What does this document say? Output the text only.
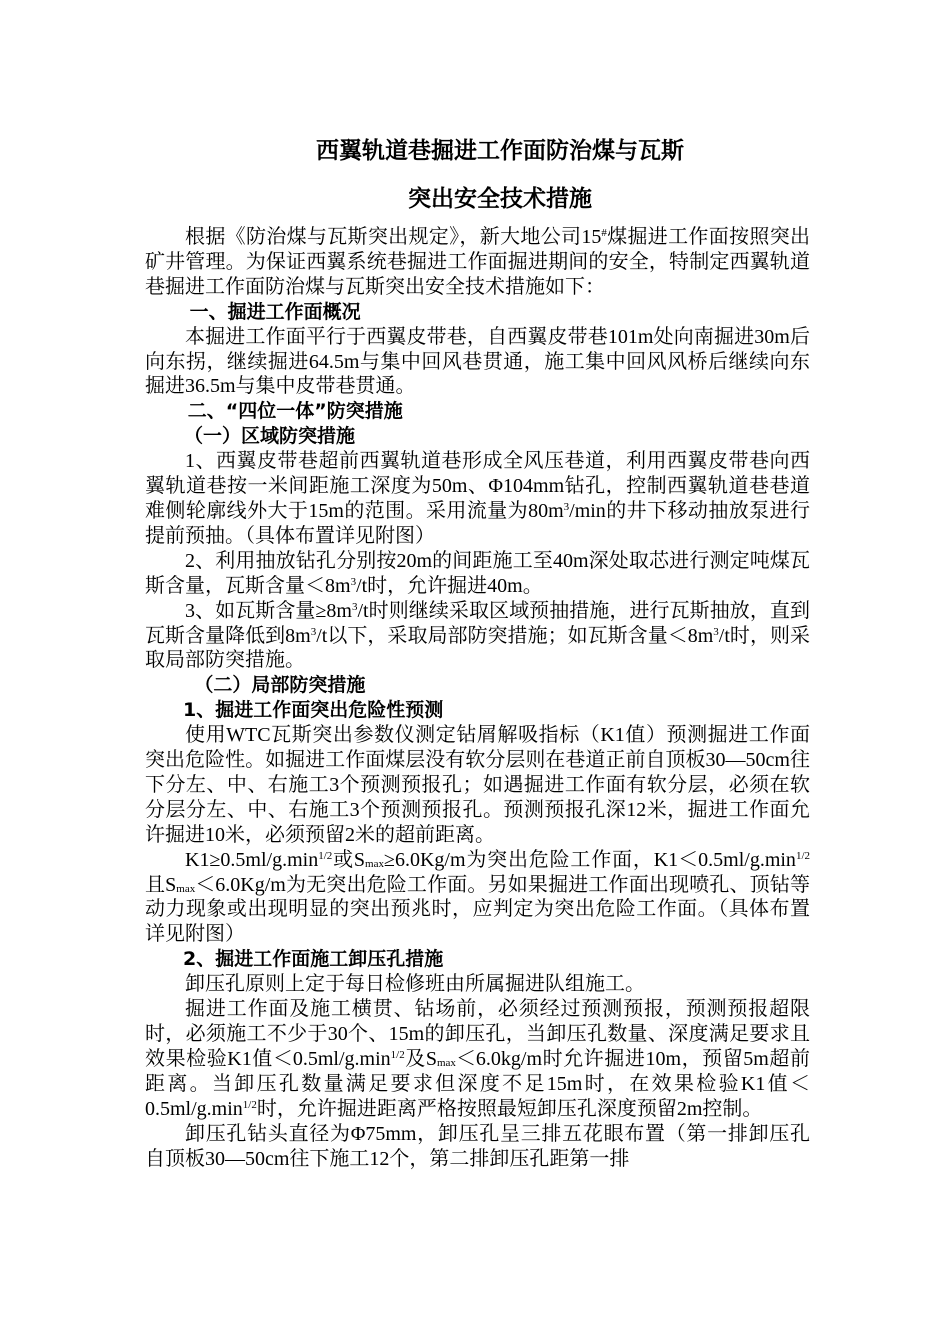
西翼轨道巷掘进工作面防治煤与瓦斯
突出安全技术措施

根据《防治煤与瓦斯突出规定》，新大地公司15#煤掘进工作面按照突出矿井管理。为保证西翼系统巷掘进工作面掘进期间的安全，特制定西翼轨道巷掘进工作面防治煤与瓦斯突出安全技术措施如下：

一、掘进工作面概况

本掘进工作面平行于西翼皮带巷，自西翼皮带巷101m处向南掘进30m后向东拐，继续掘进64.5m与集中回风巷贯通，施工集中回风风桥后继续向东掘进36.5m与集中皮带巷贯通。

二、“四位一体”防突措施
（一）区域防突措施

1、西翼皮带巷超前西翼轨道巷形成全风压巷道，利用西翼皮带巷向西翼轨道巷按一米间距施工深度为50m、Φ104mm钻孔，控制西翼轨道巷巷道难侧轮廓线外大于15m的范围。采用流量为$80m^3/\min$的井下移动抽放泵进行提前预抽。（具体布置详见附图）

2、利用抽放钻孔分别按20m的间距施工至40m深处取芯进行测定吨煤瓦斯含量，瓦斯含量$<8m^3/t$时，允许掘进40m。

3、如瓦斯含量$\ge 8m^3/t$时则继续采取区域预抽措施，进行瓦斯抽放，直到瓦斯含量降低到$8m^3/t$以下，采取局部防突措施；如瓦斯含量$<8m^3/t$时，则采取局部防突措施。

（二）局部防突措施
1、掘进工作面突出危险性预测

使用WTC瓦斯突出参数仪测定钻屑解吸指标（K1值）预测掘进工作面突出危险性。如掘进工作面煤层没有软分层则在巷道正前自顶板30—50cm往下分左、中、右施工3个预测预报孔；如遇掘进工作面有软分层，必须在软分层分左、中、右施工3个预测预报孔。预测预报孔深12米，掘进工作面允许掘进10米，必须预留2米的超前距离。

$K1\ge 0.5ml/g.\min^{1/2}$或$S_{max}\ge 6.0Kg/m$为突出危险工作面，$K1<0.5ml/g.\min^{1/2}$且$S_{max}<6.0Kg/m$为无突出危险工作面。另如果掘进工作面出现喷孔、顶钻等动力现象或出现明显的突出预兆时，应判定为突出危险工作面。（具体布置详见附图）

2、掘进工作面施工卸压孔措施

卸压孔原则上定于每日检修班由所属掘进队组施工。

掘进工作面及施工横贯、钻场前，必须经过预测预报，预测预报超限时，必须施工不少于30个、15m的卸压孔，当卸压孔数量、深度满足要求且效果检验K1值$<0.5ml/g.\min^{1/2}$及$S_{max}<6.0kg/m$时允许掘进10m，预留5m超前距离。当卸压孔数量满足要求但深度不足15m时，在效果检验K1值$<0.5ml/g.\min^{1/2}$时，允许掘进距离严格按照最短卸压孔深度预留2m控制。

卸压孔钻头直径为Φ75mm，卸压孔呈三排五花眼布置（第一排卸压孔自顶板30—50cm往下施工12个，第二排卸压孔距第一排
